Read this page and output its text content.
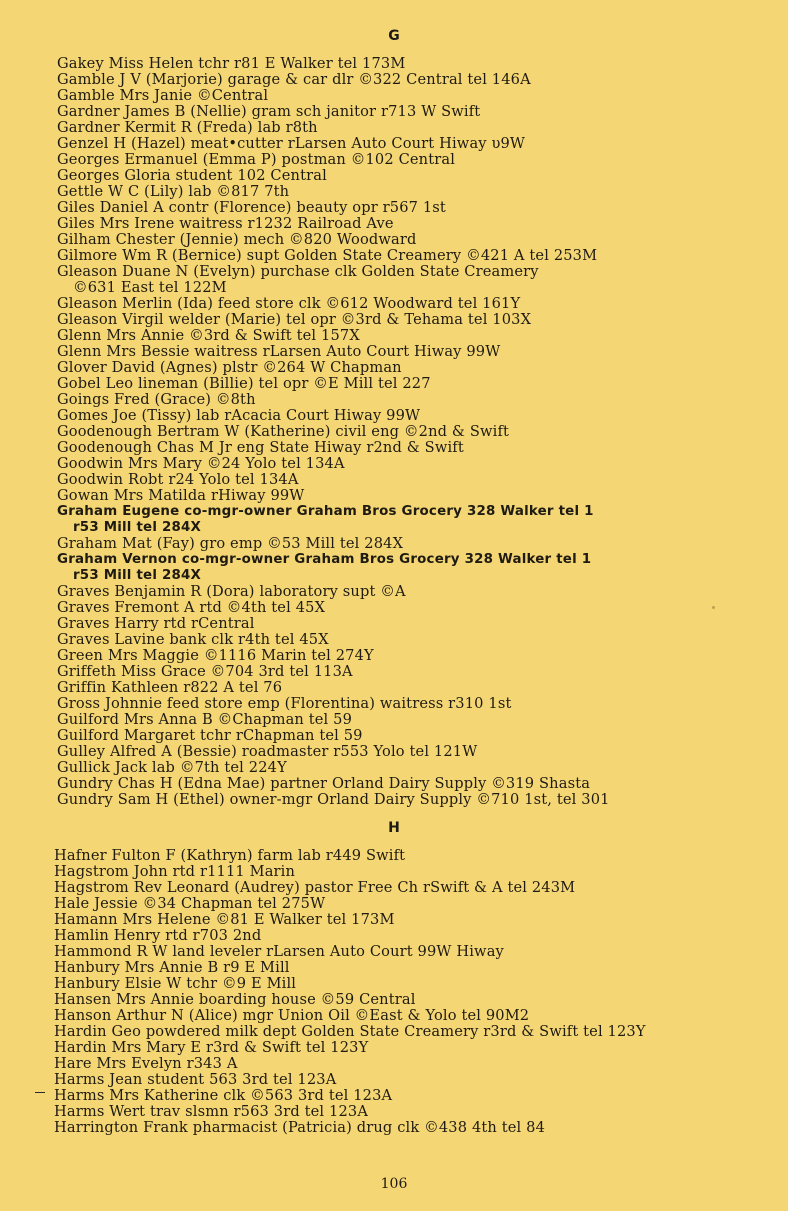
G
Gakey Miss Helen tchr r81 E Walker tel 173M
Gamble J V (Marjorie) garage & car dlr ©322 Central tel 146A
Gamble Mrs Janie ©Central
Gardner James B (Nellie) gram sch janitor r713 W Swift
Gardner Kermit R (Freda) lab r8th
Genzel H (Hazel) meat•cutter rLarsen Auto Court Hiway υ9W
Georges Ermanuel (Emma P) postman ©102 Central
Georges Gloria student 102 Central
Gettle W C (Lily) lab ©817 7th
Giles Daniel A contr (Florence) beauty opr r567 1st
Giles Mrs Irene waitress r1232 Railroad Ave
Gilham Chester (Jennie) mech ©820 Woodward
Gilmore Wm R (Bernice) supt Golden State Creamery ©421 A tel 253M
Gleason Duane N (Evelyn) purchase clk Golden State Creamery
©631 East tel 122M
Gleason Merlin (Ida) feed store clk ©612 Woodward tel 161Y
Gleason Virgil welder (Marie) tel opr ©3rd & Tehama tel 103X
Glenn Mrs Annie ©3rd & Swift tel 157X
Glenn Mrs Bessie waitress rLarsen Auto Court Hiway 99W
Glover David (Agnes) plstr ©264 W Chapman
Gobel Leo lineman (Billie) tel opr ©E Mill tel 227
Goings Fred (Grace) ©8th
Gomes Joe (Tissy) lab rAcacia Court Hiway 99W
Goodenough Bertram W (Katherine) civil eng ©2nd & Swift
Goodenough Chas M Jr eng State Hiway r2nd & Swift
Goodwin Mrs Mary ©24 Yolo tel 134A
Goodwin Robt r24 Yolo tel 134A
Gowan Mrs Matilda rHiway 99W
Graham Eugene co-mgr-owner Graham Bros Grocery 328 Walker tel 1
r53 Mill tel 284X
Graham Mat (Fay) gro emp ©53 Mill tel 284X
Graham Vernon co-mgr-owner Graham Bros Grocery 328 Walker tel 1
r53 Mill tel 284X
Graves Benjamin R (Dora) laboratory supt ©A
Graves Fremont A rtd ©4th tel 45X
Graves Harry rtd rCentral
Graves Lavine bank clk r4th tel 45X
Green Mrs Maggie ©1116 Marin tel 274Y
Griffeth Miss Grace ©704 3rd tel 113A
Griffin Kathleen r822 A tel 76
Gross Johnnie feed store emp (Florentina) waitress r310 1st
Guilford Mrs Anna B ©Chapman tel 59
Guilford Margaret tchr rChapman tel 59
Gulley Alfred A (Bessie) roadmaster r553 Yolo tel 121W
Gullick Jack lab ©7th tel 224Y
Gundry Chas H (Edna Mae) partner Orland Dairy Supply ©319 Shasta
Gundry Sam H (Ethel) owner-mgr Orland Dairy Supply ©710 1st, tel 301
H
Hafner Fulton F (Kathryn) farm lab r449 Swift
Hagstrom John rtd r1111 Marin
Hagstrom Rev Leonard (Audrey) pastor Free Ch rSwift & A tel 243M
Hale Jessie ©34 Chapman tel 275W
Hamann Mrs Helene ©81 E Walker tel 173M
Hamlin Henry rtd r703 2nd
Hammond R W land leveler rLarsen Auto Court 99W Hiway
Hanbury Mrs Annie B r9 E Mill
Hanbury Elsie W tchr ©9 E Mill
Hansen Mrs Annie boarding house ©59 Central
Hanson Arthur N (Alice) mgr Union Oil ©East & Yolo tel 90M2
Hardin Geo powdered milk dept Golden State Creamery r3rd & Swift tel 123Y
Hardin Mrs Mary E r3rd & Swift tel 123Y
Hare Mrs Evelyn r343 A
Harms Jean student 563 3rd tel 123A
Harms Mrs Katherine clk ©563 3rd tel 123A
Harms Wert trav slsmn r563 3rd tel 123A
Harrington Frank pharmacist (Patricia) drug clk ©438 4th tel 84
106
